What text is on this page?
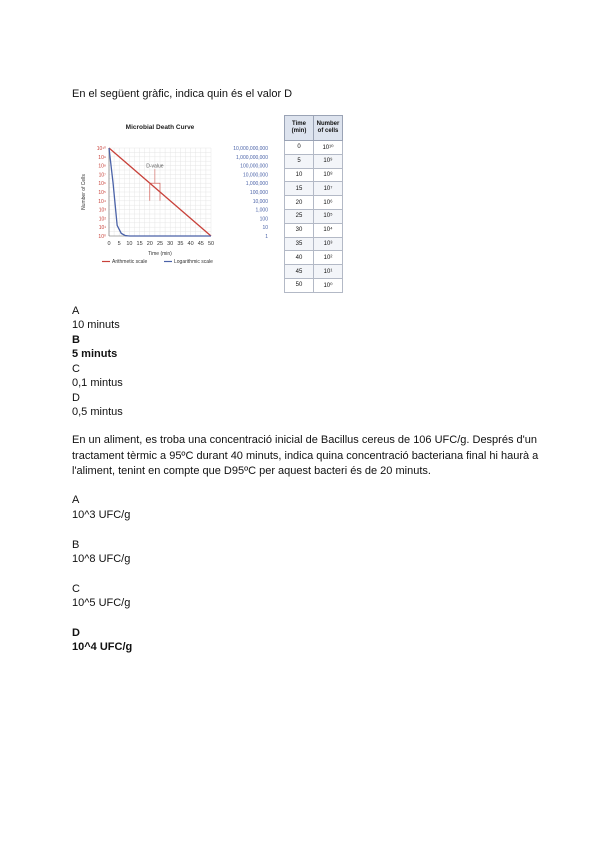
En el següent gràfic, indica quin és el valor D
Microbial Death Curve
10¹⁰
10⁹
10⁸
10⁷
10⁶
10⁵
10⁴
10³
10²
10¹
10⁰
10,000,000,000
1,000,000,000
100,000,000
10,000,000
1,000,000
100,000
10,000
1,000
100
10
1
0 5 10 15 20 25 30 35 40 45 50
Time (min)
Number of Cells
D-value
Arithmetic scale	Logarithmic scale
Time (min)	Number of cells
0	10¹⁰
5	10⁹
10	10⁸
15	10⁷
20	10⁶
25	10⁵
30	10⁴
35	10³
40	10²
45	10¹
50	10⁰
A
10 minuts
B
5 minuts
C
0,1 mintus
D
0,5 mintus
En un aliment, es troba una concentració inicial de Bacillus cereus de 106 UFC/g. Després d'un tractament tèrmic a 95ºC durant 40 minuts, indica quina concentració bacteriana final hi haurà a l'aliment, tenint en compte que D95ºC per aquest bacteri és de 20 minuts.
A
10^3 UFC/g
B
10^8 UFC/g
C
10^5 UFC/g
D
10^4 UFC/g
